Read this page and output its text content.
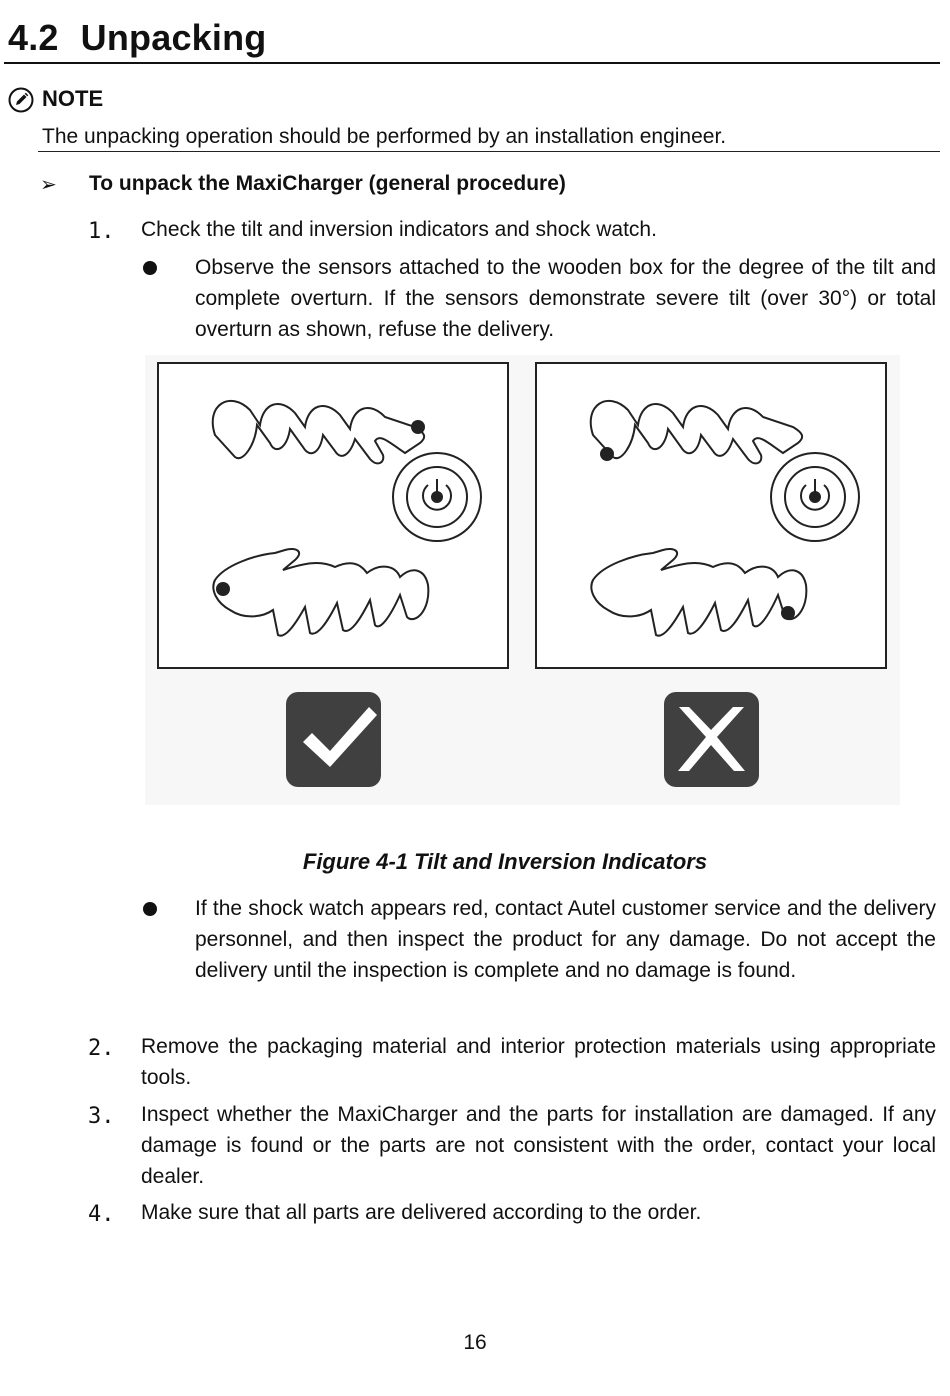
4.2 Unpacking
NOTE
The unpacking operation should be performed by an installation engineer.
➢ To unpack the MaxiCharger (general procedure)
1. Check the tilt and inversion indicators and shock watch.
Observe the sensors attached to the wooden box for the degree of the tilt and complete overturn. If the sensors demonstrate severe tilt (over 30°) or total overturn as shown, refuse the delivery.
Figure 4-1 Tilt and Inversion Indicators
If the shock watch appears red, contact Autel customer service and the delivery personnel, and then inspect the product for any damage. Do not accept the delivery until the inspection is complete and no damage is found.
2. Remove the packaging material and interior protection materials using appropriate tools.
3. Inspect whether the MaxiCharger and the parts for installation are damaged. If any damage is found or the parts are not consistent with the order, contact your local dealer.
4. Make sure that all parts are delivered according to the order.
16
